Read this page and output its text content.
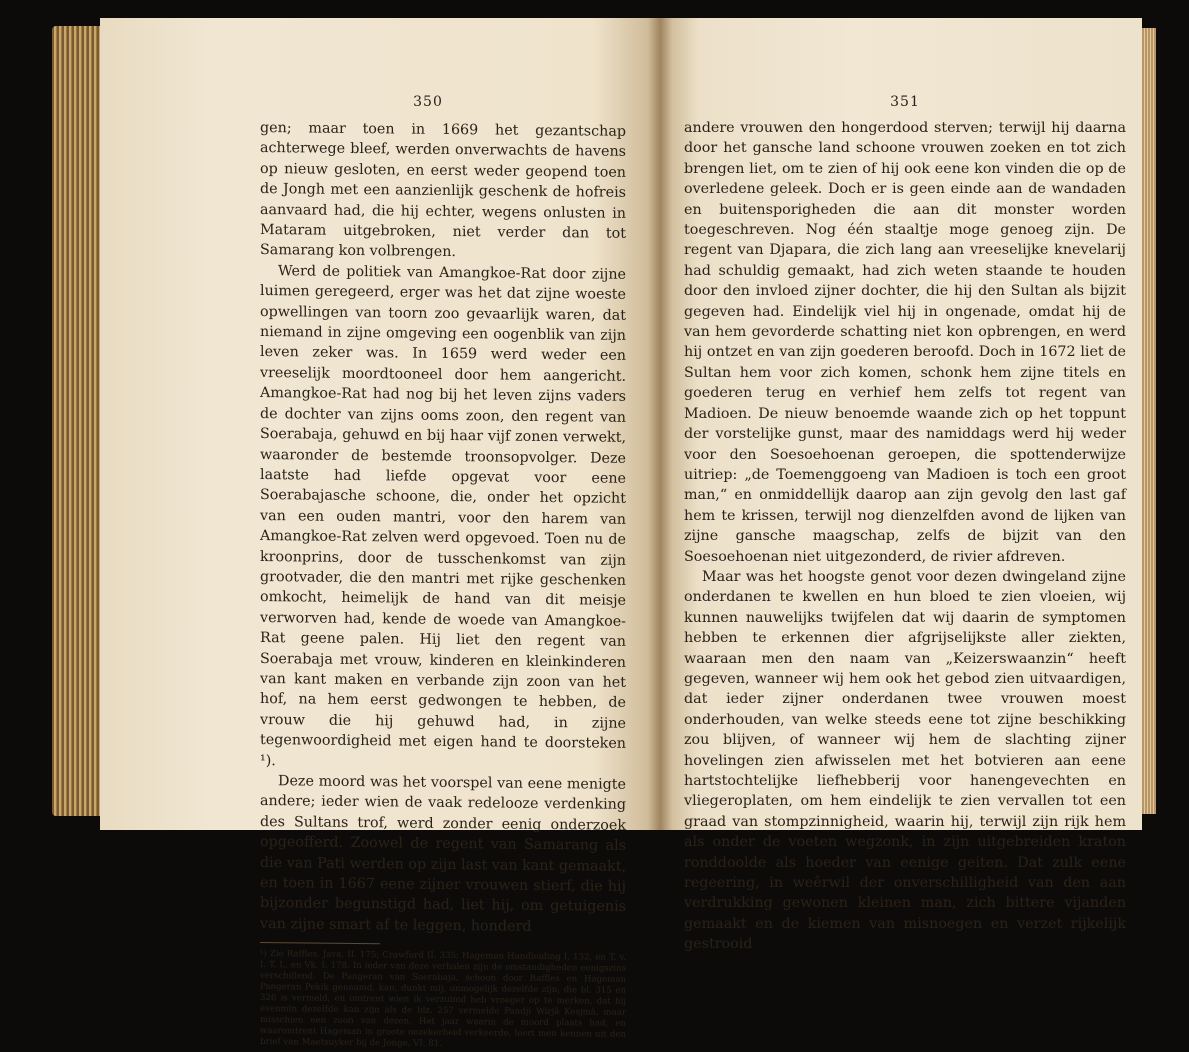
350

gen; maar toen in 1669 het gezantschap achterwege bleef, werden onverwachts de havens op nieuw gesloten, en eerst weder geopend toen de Jongh met een aanzienlijk geschenk de hofreis aanvaard had, die hij echter, wegens onlusten in Mataram uitgebroken, niet verder dan tot Samarang kon volbrengen.

Werd de politiek van Amangkoe-Rat door zijne luimen geregeerd, erger was het dat zijne woeste opwellingen van toorn zoo gevaarlijk waren, dat niemand in zijne omgeving een oogenblik van zijn leven zeker was. In 1659 werd weder een vreeselijk moordtooneel door hem aangericht. Amangkoe-Rat had nog bij het leven zijns vaders de dochter van zijns ooms zoon, den regent van Soerabaja, gehuwd en bij haar vijf zonen verwekt, waaronder de bestemde troonsopvolger. Deze laatste had liefde opgevat voor eene Soerabajasche schoone, die, onder het opzicht van een ouden mantri, voor den harem van Amangkoe-Rat zelven werd opgevoed. Toen nu de kroonprins, door de tusschenkomst van zijn grootvader, die den mantri met rijke geschenken omkocht, heimelijk de hand van dit meisje verworven had, kende de woede van Amangkoe-Rat geene palen. Hij liet den regent van Soerabaja met vrouw, kinderen en kleinkinderen van kant maken en verbande zijn zoon van het hof, na hem eerst gedwongen te hebben, de vrouw die hij gehuwd had, in zijne tegenwoordigheid met eigen hand te doorsteken ¹).

Deze moord was het voorspel van eene menigte andere; ieder wien de vaak redelooze verdenking des Sultans trof, werd zonder eenig onderzoek opgeofferd. Zoowel de regent van Samarang als die van Pati werden op zijn last van kant gemaakt, en toen in 1667 eene zijner vrouwen stierf, die hij bijzonder begunstigd had, liet hij, om getuigenis van zijne smart af te leggen, honderd

¹) Zie Raffles, Java, II. 175; Crawfurd II. 335; Hageman Handleiding I, 132, en T. v. I. T. L. en Vk. I. 178. In ieder van deze verhalen zijn de omstandigheden eenigszins verschillend. De Pangeran van Soerabaja, schoon door Raffles en Hageman Pangeran Pekik genaamd, kan, dunkt mij, onmogelijk dezelfde zijn, die bl. 315 en 326 is vermeld, en omtrent wien ik verzuimd heb vroeger op te merken, dat hij evenmin dezelfde kan zijn als de blz. 257 vermelde Pandji Wirjâ Kesjmâ, maar misschien een zoon van dezen. Het jaar waarin de moord plaats had, en waaromtrent Hageman in groote onzekerheid verkeerde, leert men kennen uit den brief van Maetsuyker bij de Jonge, VI. 81.

351

andere vrouwen den hongerdood sterven; terwijl hij daarna door het gansche land schoone vrouwen zoeken en tot zich brengen liet, om te zien of hij ook eene kon vinden die op de overledene geleek. Doch er is geen einde aan de wandaden en buitensporigheden die aan dit monster worden toegeschreven. Nog één staaltje moge genoeg zijn. De regent van Djapara, die zich lang aan vreeselijke knevelarij had schuldig gemaakt, had zich weten staande te houden door den invloed zijner dochter, die hij den Sultan als bijzit gegeven had. Eindelijk viel hij in ongenade, omdat hij de van hem gevorderde schatting niet kon opbrengen, en werd hij ontzet en van zijn goederen beroofd. Doch in 1672 liet de Sultan hem voor zich komen, schonk hem zijne titels en goederen terug en verhief hem zelfs tot regent van Madioen. De nieuw benoemde waande zich op het toppunt der vorstelijke gunst, maar des namiddags werd hij weder voor den Soesoehoenan geroepen, die spottenderwijze uitriep: „de Toemenggoeng van Madioen is toch een groot man,“ en onmiddellijk daarop aan zijn gevolg den last gaf hem te krissen, terwijl nog dienzelfden avond de lijken van zijne gansche maagschap, zelfs de bijzit van den Soesoehoenan niet uitgezonderd, de rivier afdreven.

Maar was het hoogste genot voor dezen dwingeland zijne onderdanen te kwellen en hun bloed te zien vloeien, wij kunnen nauwelijks twijfelen dat wij daarin de symptomen hebben te erkennen dier afgrijselijkste aller ziekten, waaraan men den naam van „Keizerswaanzin“ heeft gegeven, wanneer wij hem ook het gebod zien uitvaardigen, dat ieder zijner onderdanen twee vrouwen moest onderhouden, van welke steeds eene tot zijne beschikking zou blijven, of wanneer wij hem de slachting zijner hovelingen zien afwisselen met het botvieren aan eene hartstochtelijke liefhebberij voor hanengevechten en vliegeroplaten, om hem eindelijk te zien vervallen tot een graad van stompzinnigheid, waarin hij, terwijl zijn rijk hem als onder de voeten wegzonk, in zijn uitgebreiden kraton ronddoolde als hoeder van eenige geiten. Dat zulk eene regeering, in weêrwil der onverschilligheid van den aan verdrukking gewonen kleinen man, zich bittere vijanden gemaakt en de kiemen van misnoegen en verzet rijkelijk gestrooid
